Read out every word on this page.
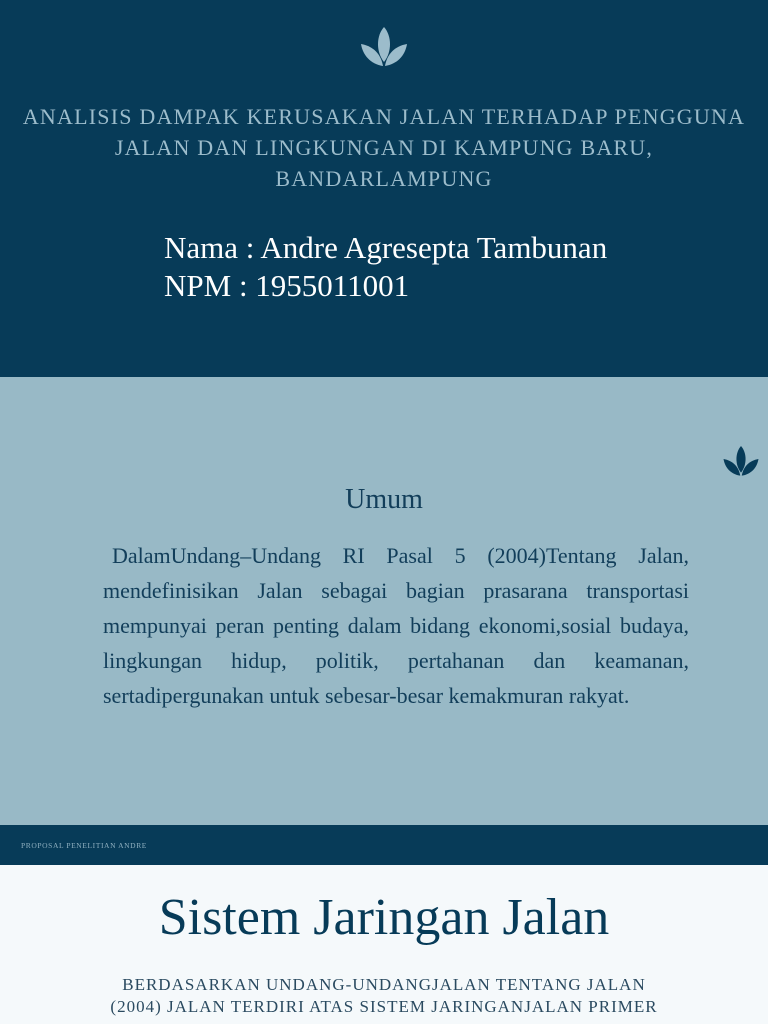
ANALISIS DAMPAK KERUSAKAN JALAN TERHADAP PENGGUNA JALAN DAN LINGKUNGAN DI KAMPUNG BARU, BANDARLAMPUNG
Nama : Andre Agresepta Tambunan
NPM : 1955011001
Umum
DalamUndang–Undang RI Pasal 5 (2004)Tentang Jalan, mendefinisikan Jalan sebagai bagian prasarana transportasi mempunyai peran penting dalam bidang ekonomi,sosial budaya, lingkungan hidup, politik, pertahanan dan keamanan, sertadipergunakan untuk sebesar-besar kemakmuran rakyat.
PROPOSAL PENELITIAN ANDRE
Sistem Jaringan Jalan
BERDASARKAN UNDANG-UNDANGJALAN TENTANG JALAN (2004) JALAN TERDIRI ATAS SISTEM JARINGANJALAN PRIMER
